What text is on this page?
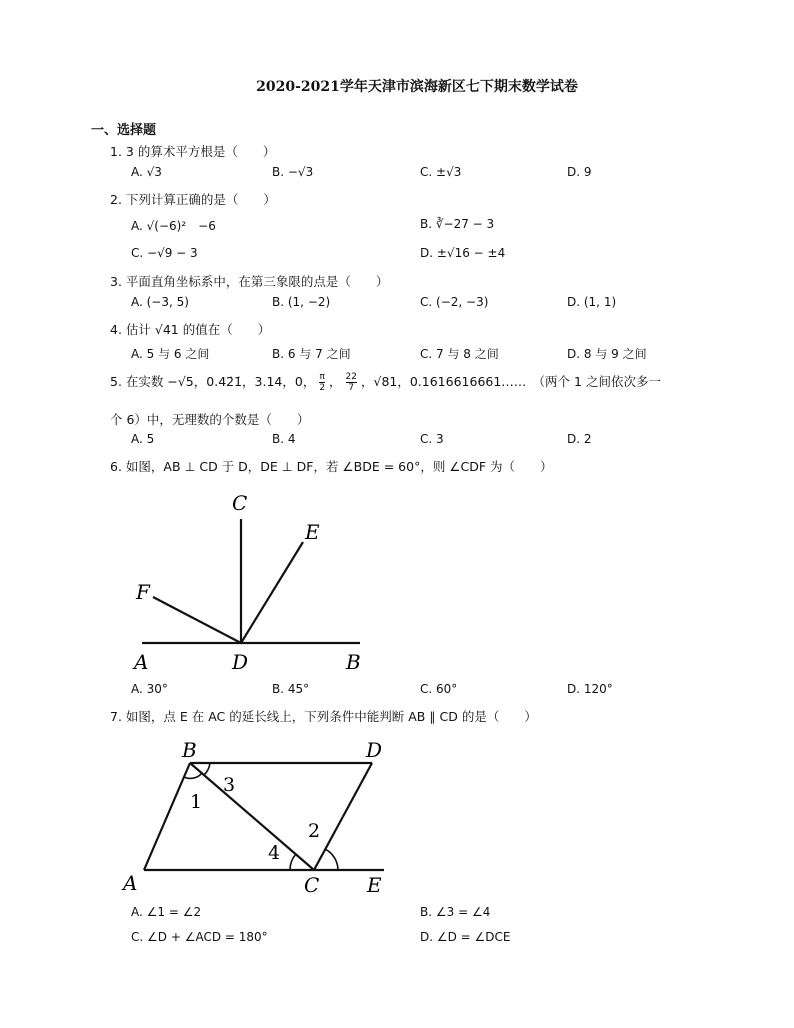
2020-2021学年天津市滨海新区七下期末数学试卷
一、选择题
1. 3 的算术平方根是（　　）
A. √3	B. −√3	C. ±√3	D. 9
2. 下列计算正确的是（　　）
A. √(−6)²　−6	B. ∛−27 − 3
C. −√9 − 3	D. ±√16 − ±4
3. 平面直角坐标系中，在第三象限的点是（　　）
A. (−3, 5)	B. (1, −2)	C. (−2, −3)	D. (1, 1)
4. 估计 √41 的值在（　　）
A. 5 与 6 之间	B. 6 与 7 之间	C. 7 与 8 之间	D. 8 与 9 之间
5. 在实数 −√5，0.42̇1̇，3.14，0， $\frac{\pi}{2}$ ， $\frac{22}{7}$ ，√81，0.1616616661……　（两个 1 之间依次多一
个 6）中，无理数的个数是（　　）
A. 5	B. 4	C. 3	D. 2
6. 如图，AB ⊥ CD 于 D，DE ⊥ DF，若 ∠BDE = 60°，则 ∠CDF 为（　　）
C
E
F
A	D	B
A. 30°	B. 45°	C. 60°	D. 120°
7. 如图，点 E 在 AC 的延长线上，下列条件中能判断 AB ∥ CD 的是（　　）
B	D
A	C E
1
3
2
4
A. ∠1 = ∠2	B. ∠3 = ∠4
C. ∠D + ∠ACD = 180°	D. ∠D = ∠DCE
